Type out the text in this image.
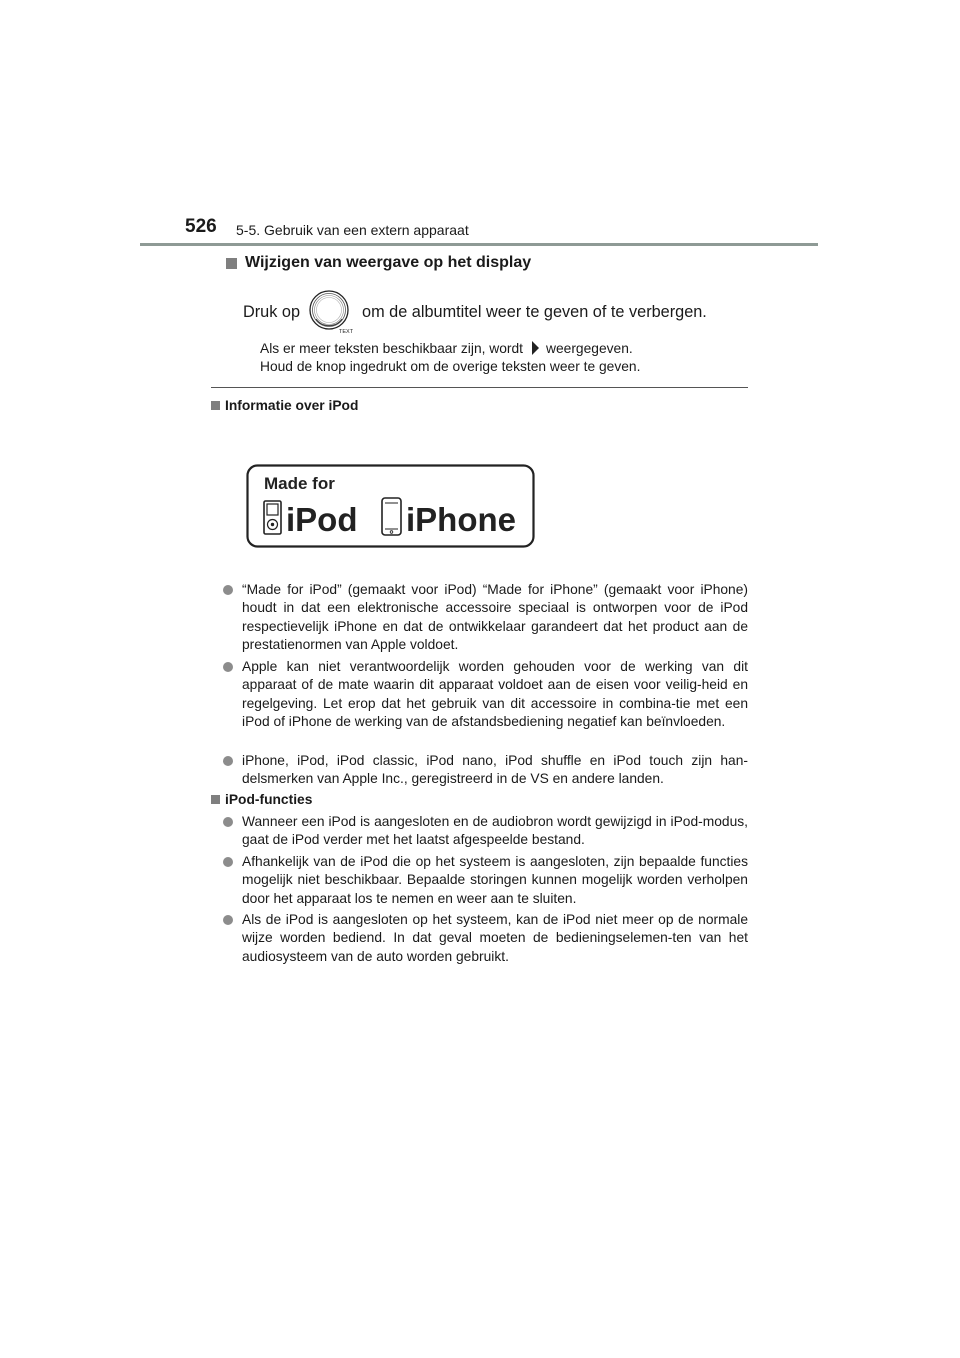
526 5-5. Gebruik van een extern apparaat
Wijzigen van weergave op het display
Druk op
TEXT
om de albumtitel weer te geven of te verbergen.
Als er meer teksten beschikbaar zijn, wordt weergegeven.
Houd de knop ingedrukt om de overige teksten weer te geven.
Informatie over iPod
Made for
iPod iPhone
“Made for iPod” (gemaakt voor iPod) “Made for iPhone” (gemaakt voor iPhone) houdt in dat een elektronische accessoire speciaal is ontworpen voor de iPod respectievelijk iPhone en dat de ontwikkelaar garandeert dat het product aan de prestatienormen van Apple voldoet.
Apple kan niet verantwoordelijk worden gehouden voor de werking van dit apparaat of de mate waarin dit apparaat voldoet aan de eisen voor veilig-heid en regelgeving. Let erop dat het gebruik van dit accessoire in combina-tie met een iPod of iPhone de werking van de afstandsbediening negatief kan beïnvloeden.
iPhone, iPod, iPod classic, iPod nano, iPod shuffle en iPod touch zijn han-delsmerken van Apple Inc., geregistreerd in de VS en andere landen.
iPod-functies
Wanneer een iPod is aangesloten en de audiobron wordt gewijzigd in iPod-modus, gaat de iPod verder met het laatst afgespeelde bestand.
Afhankelijk van de iPod die op het systeem is aangesloten, zijn bepaalde functies mogelijk niet beschikbaar. Bepaalde storingen kunnen mogelijk worden verholpen door het apparaat los te nemen en weer aan te sluiten.
Als de iPod is aangesloten op het systeem, kan de iPod niet meer op de normale wijze worden bediend. In dat geval moeten de bedieningselemen-ten van het audiosysteem van de auto worden gebruikt.
